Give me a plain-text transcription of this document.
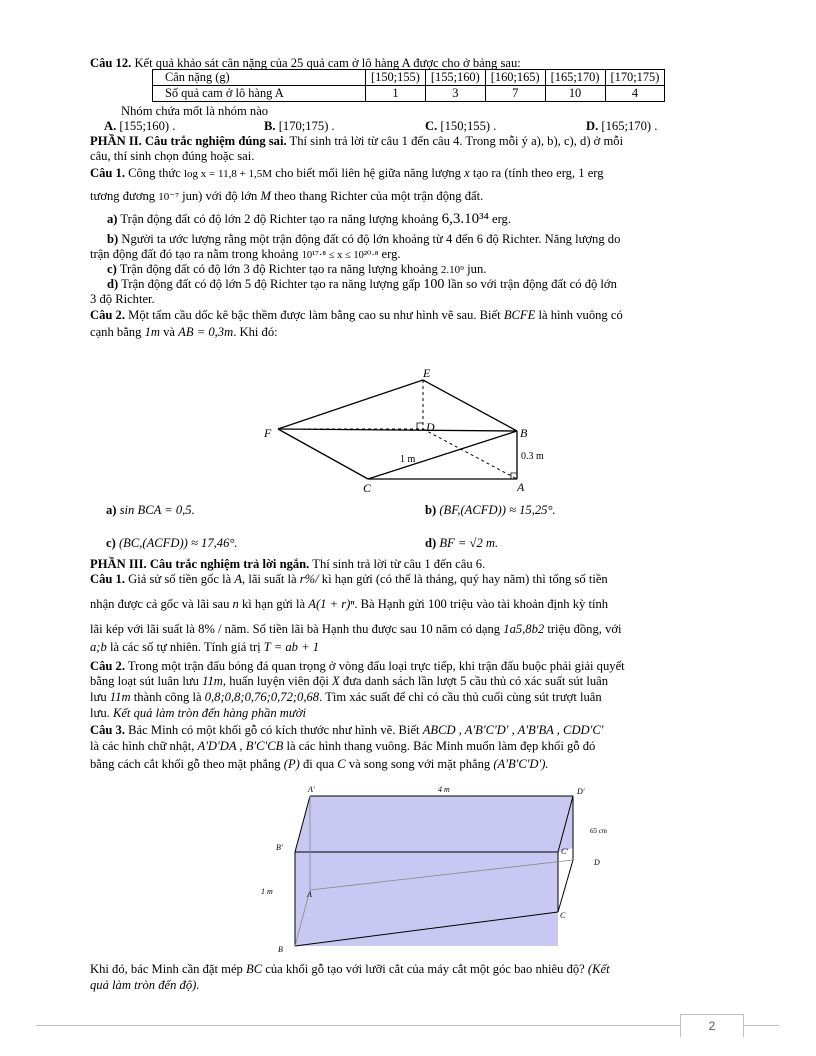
Câu 12. Kết quả khảo sát cân nặng của 25 quả cam ở lô hàng A được cho ở bảng sau:
Cân nặng (g)	[150;155)	[155;160)	[160;165)	[165;170)	[170;175)
Số quả cam ở lô hàng A	1	3	7	10	4
Nhóm chứa mốt là nhóm nào
A. [155;160) .	B. [170;175) .	C. [150;155) .	D. [165;170) .
PHẦN II. Câu trắc nghiệm đúng sai. Thí sinh trả lời từ câu 1 đến câu 4. Trong mỗi ý a), b), c), d) ở mỗi
câu, thí sinh chọn đúng hoặc sai.
Câu 1. Công thức log x = 11,8 + 1,5M cho biết mối liên hệ giữa năng lượng x tạo ra (tính theo erg, 1 erg
tương đương 10⁻⁷ jun) với độ lớn M theo thang Richter của một trận động đất.
a) Trận động đất có độ lớn 2 độ Richter tạo ra năng lượng khoảng 6,3.10³⁴ erg.
b) Người ta ước lượng rằng một trận động đất có độ lớn khoảng từ 4 đến 6 độ Richter. Năng lượng do
trận động đất đó tạo ra nằm trong khoảng 10¹⁷·⁸ ≤ x ≤ 10²⁰·⁸ erg.
c) Trận động đất có độ lớn 3 độ Richter tạo ra năng lượng khoảng 2.10⁹ jun.
d) Trận động đất có độ lớn 5 độ Richter tạo ra năng lượng gấp 100 lần so với trận động đất có độ lớn
3 độ Richter.
Câu 2. Một tấm cầu dốc kê bậc thềm được làm bằng cao su như hình vẽ sau. Biết BCFE là hình vuông có
cạnh bằng 1m và AB = 0,3m. Khi đó:
E
F	D	B
C	A
1 m	0.3 m
a) sin BCA = 0,5.	b) (BF,(ACFD)) ≈ 15,25°.
c) (BC,(ACFD)) ≈ 17,46°.	d) BF = √2 m.
PHẦN III. Câu trắc nghiệm trả lời ngắn. Thí sinh trả lời từ câu 1 đến câu 6.
Câu 1. Giả sử số tiền gốc là A, lãi suất là r%/ kì hạn gửi (có thể là tháng, quý hay năm) thì tổng số tiền
nhận được cả gốc và lãi sau n kì hạn gửi là A(1 + r)ⁿ. Bà Hạnh gửi 100 triệu vào tài khoản định kỳ tính
lãi kép với lãi suất là 8% / năm. Số tiền lãi bà Hạnh thu được sau 10 năm có dạng 1a5,8b2 triệu đồng, với
a;b là các số tự nhiên. Tính giá trị T = ab + 1
Câu 2. Trong một trận đấu bóng đá quan trọng ở vòng đấu loại trực tiếp, khi trận đấu buộc phải giải quyết
bằng loạt sút luân lưu 11m, huấn luyện viên đội X đưa danh sách lần lượt 5 cầu thủ có xác suất sút luân
lưu 11m thành công là 0,8;0,8;0,76;0,72;0,68. Tìm xác suất để chỉ có cầu thủ cuối cùng sút trượt luân
lưu. Kết quả làm tròn đến hàng phần mười
Câu 3. Bác Minh có một khối gỗ có kích thước như hình vẽ. Biết ABCD , A'B'C'D' , A'B'BA , CDD'C'
là các hình chữ nhật, A'D'DA , B'C'CB là các hình thang vuông. Bác Minh muốn làm đẹp khối gỗ đó
bằng cách cắt khối gỗ theo mặt phẳng (P) đi qua C và song song với mặt phẳng (A'B'C'D').
A'
B'	C'
D'
A
B
C
D
4 m
65 cm
1 m
Khi đó, bác Minh cần đặt mép BC của khối gỗ tạo với lưỡi cắt của máy cắt một góc bao nhiêu độ? (Kết
quả làm tròn đến độ).
2
